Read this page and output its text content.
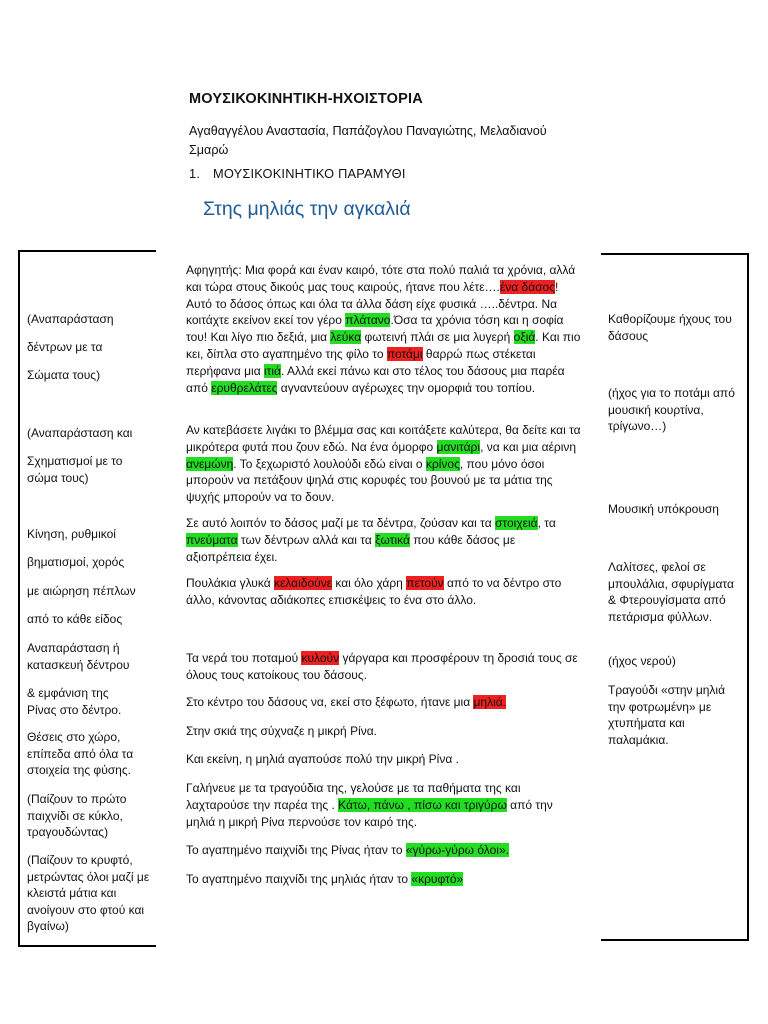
ΜΟΥΣΙΚΟΚΙΝΗΤΙΚΗ-ΗΧΟΙΣΤΟΡΙΑ
Αγαθαγγέλου Αναστασία, Παπάζογλου Παναγιώτης, Μελαδιανού Σμαρώ
1. ΜΟΥΣΙΚΟΚΙΝΗΤΙΚΟ ΠΑΡΑΜΥΘΙ
Στης μηλιάς την αγκαλιά
(Αναπαράσταση
δέντρων με τα
Σώματα τους)
(Αναπαράσταση και
Σχηματισμοί με το σώμα τους)
Κίνηση, ρυθμικοί
βηματισμοί, χορός
με αιώρηση πέπλων
από το κάθε είδος
Αναπαράσταση ή κατασκευή δέντρου
& εμφάνιση της Ρίνας στο δέντρο.
Θέσεις στο χώρο, επίπεδα από όλα τα στοιχεία της φύσης.
(Παίζουν το πρώτο παιχνίδι σε κύκλο, τραγουδώντας)
(Παίζουν το κρυφτό, μετρώντας όλοι μαζί με κλειστά μάτια και ανοίγουν στο φτού και βγαίνω)
Καθορίζουμε ήχους του δάσους
(ήχος για το ποτάμι από μουσική κουρτίνα, τρίγωνο…)
Μουσική υπόκρουση
Λαλίτσες, φελοί σε μπουλάλια, σφυρίγματα & Φτερουγίσματα από πετάρισμα φύλλων.
(ήχος νερού)
Τραγούδι «στην μηλιά την φοτρωμένη» με χτυπήματα και παλαμάκια.
Αφηγητής: Μια φορά και έναν καιρό, τότε στα πολύ παλιά τα χρόνια, αλλά και τώρα στους δικούς μας τους καιρούς, ήτανε που λέτε….ένα δάσος! Αυτό το δάσος όπως και όλα τα άλλα δάση είχε φυσικά …..δέντρα. Να κοιτάχτε εκείνον εκεί τον γέρο πλάτανο.Όσα τα χρόνια τόση και η σοφία του! Και λίγο πιο δεξιά, μια λεύκα φωτεινή πλάι σε μια λυγερή οξιά. Και πιο κει, δίπλα στο αγαπημένο της φίλο το ποτάμι θαρρώ πως στέκεται περήφανα μια ιτιά. Αλλά εκεί πάνω και στο τέλος του δάσους μια παρέα από ερυθρελάτες αγναντεύουν αγέρωχες την ομορφιά του τοπίου.
Αν κατεβάσετε λιγάκι το βλέμμα σας και κοιτάξετε καλύτερα, θα δείτε και τα μικρότερα φυτά που ζουν εδώ. Να ένα όμορφο μανιτάρι, να και μια αέρινη ανεμώνη. Το ξεχωριστό λουλούδι εδώ είναι ο κρίνος, που μόνο όσοι μπορούν να πετάξουν ψηλά στις κορυφές του βουνού με τα μάτια της ψυχής μπορούν να το δουν.
Σε αυτό λοιπόν το δάσος μαζί με τα δέντρα, ζούσαν και τα στοιχειά, τα πνεύματα των δέντρων αλλά και τα ξωτικά που κάθε δάσος με αξιοπρέπεια έχει.
Πουλάκια γλυκά κελαιδούνε και όλο χάρη πετούν από το να δέντρο στο άλλο, κάνοντας αδιάκοπες επισκέψεις το ένα στο άλλο.
Τα νερά του ποταμού κυλούν γάργαρα και προσφέρουν τη δροσιά τους σε όλους τους κατοίκους του δάσους.
Στο κέντρο του δάσους να, εκεί στο ξέφωτο, ήτανε μια μηλιά.
Στην σκιά της σύχναζε η μικρή Ρίνα.
Και εκείνη, η μηλιά αγαπούσε πολύ την μικρή Ρίνα .
Γαλήνευε με τα τραγούδια της, γελούσε με τα παθήματα της και λαχταρούσε την παρέα της . Κάτω, πάνω , πίσω και τριγύρω από την μηλιά η μικρή Ρίνα περνούσε τον καιρό της.
Το αγαπημένο παιχνίδι της Ρίνας ήταν το «γύρω-γύρω όλοι».
Το αγαπημένο παιχνίδι της μηλιάς ήταν το «κρυφτό»
